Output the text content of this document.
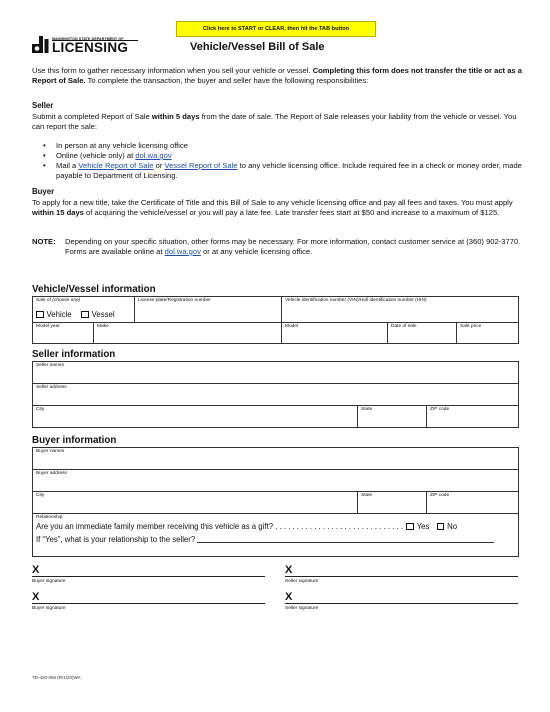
Click here to START or CLEAR, then hit the TAB button
WASHINGTON STATE DEPARTMENT OF
LICENSING	Vehicle/Vessel Bill of Sale
Use this form to gather necessary information when you sell your vehicle or vessel. Completing this form does not transfer the title or act as a Report of Sale. To complete the transaction, the buyer and seller have the following responsibilities:
Seller
Submit a completed Report of Sale within 5 days from the date of sale. The Report of Sale releases your liability from the vehicle or vessel. You can report the sale:
• In person at any vehicle licensing office
• Online (vehicle only) at dol.wa.gov
• Mail a Vehicle Report of Sale or Vessel Report of Sale to any vehicle licensing office. Include required fee in a check or money order, made payable to Department of Licensing.
Buyer
To apply for a new title, take the Certificate of Title and this Bill of Sale to any vehicle licensing office and pay all fees and taxes. You must apply within 15 days of acquiring the vehicle/vessel or you will pay a late fee. Late transfer fees start at $50 and increase to a maximum of $125.
NOTE:	Depending on your specific situation, other forms may be necessary. For more information, contact customer service at (360) 902-3770. Forms are available online at dol.wa.gov or at any vehicle licensing office.
Vehicle/Vessel information
Sale of (choose one)
Vehicle Vessel		License plate/Registration number	Vehicle identification number (VIN)/Hull identification number (HIN)		

Model year	Make		Model	Date of sale	Sale price
Seller information
Seller names

Seller address

City	State	ZIP code
Buyer information
Buyer names

Buyer address

City	State	ZIP code

Relationship
Are you an immediate family member receiving this vehicle as a gift? . . . . . . . . . . . . . . . . . . . . . . . . . . . . . . Yes No
If “Yes”, what is your relationship to the seller?
X
Buyer signature
X
Seller signature
X
Buyer signature
X
Seller signature
TD-420-065 (R/1/20)WA
